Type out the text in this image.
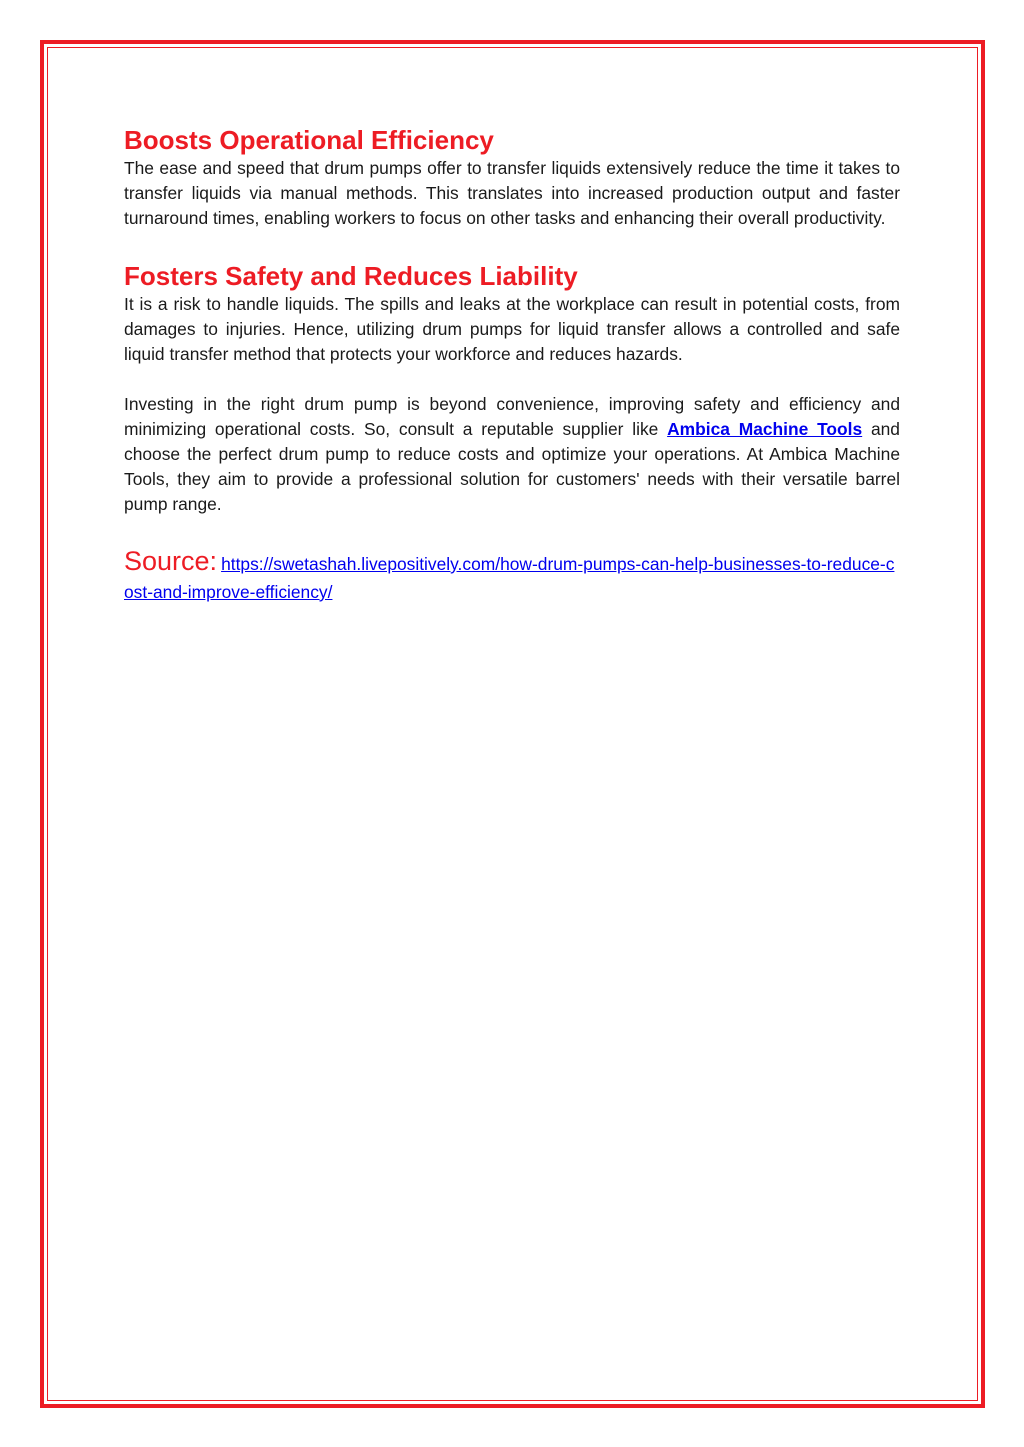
Boosts Operational Efficiency

The ease and speed that drum pumps offer to transfer liquids extensively reduce the time it takes to transfer liquids via manual methods. This translates into increased production output and faster turnaround times, enabling workers to focus on other tasks and enhancing their overall productivity.

Fosters Safety and Reduces Liability

It is a risk to handle liquids. The spills and leaks at the workplace can result in potential costs, from damages to injuries. Hence, utilizing drum pumps for liquid transfer allows a controlled and safe liquid transfer method that protects your workforce and reduces hazards.

Investing in the right drum pump is beyond convenience, improving safety and efficiency and minimizing operational costs. So, consult a reputable supplier like Ambica Machine Tools and choose the perfect drum pump to reduce costs and optimize your operations. At Ambica Machine Tools, they aim to provide a professional solution for customers' needs with their versatile barrel pump range.

Source: https://swetashah.livepositively.com/how-drum-pumps-can-help-businesses-to-reduce-cost-and-improve-efficiency/
